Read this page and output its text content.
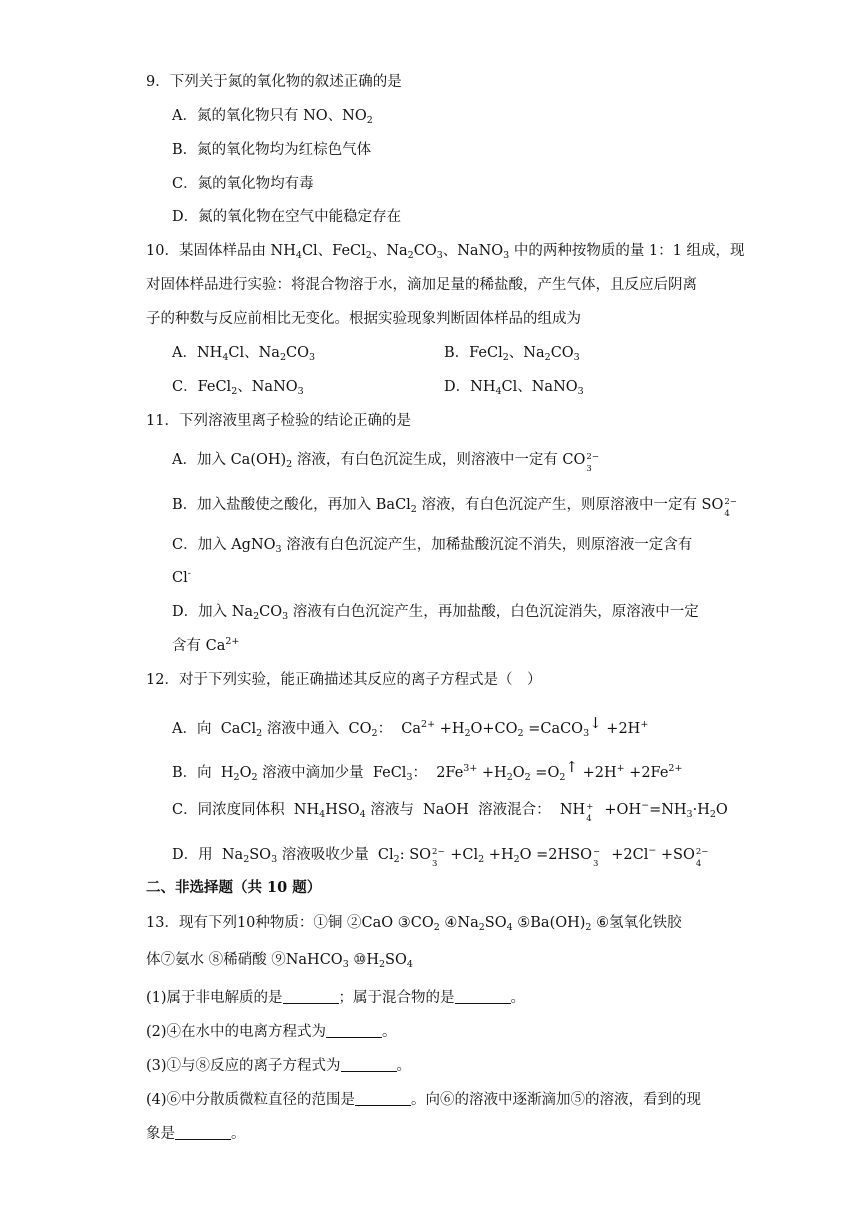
9．下列关于氮的氧化物的叙述正确的是
A．氮的氧化物只有 NO、$NO_2$
B．氮的氧化物均为红棕色气体
C．氮的氧化物均有毒
D．氮的氧化物在空气中能稳定存在
10．某固体样品由 $NH_4Cl$、FeCl$_2$、$Na_2CO_3$、NaNO$_3$ 中的两种按物质的量 1：1 组成，现
对固体样品进行实验：将混合物溶于水，滴加足量的稀盐酸，产生气体，且反应后阴离
子的种数与反应前相比无变化。根据实验现象判断固体样品的组成为
A．$NH_4Cl$、$Na_2CO_3$	B．FeCl$_2$、$Na_2CO_3$
C．FeCl$_2$、NaNO$_3$	D．$NH_4Cl$、NaNO$_3$
11．下列溶液里离子检验的结论正确的是
A．加入 $Ca(OH)_2$ 溶液，有白色沉淀生成，则溶液中一定有 CO 2−
3
B．加入盐酸使之酸化，再加入 BaCl$_2$ 溶液，有白色沉淀产生，则原溶液中一定有 SO 2−
4
C．加入 AgNO$_3$ 溶液有白色沉淀产生，加稀盐酸沉淀不消失，则原溶液一定含有
Cl-
D．加入 $Na_2CO_3$ 溶液有白色沉淀产生，再加盐酸，白色沉淀消失，原溶液中一定
含有 $Ca^{2+}$
12．对于下列实验，能正确描述其反应的离子方程式是（　）
A．向  CaCl$_2$ 溶液中通入  $CO_2$：  $Ca^{2+} +H_2O+CO_2$ =CaCO$_3$↓ +2H+
B．向  $H_2O_2$ 溶液中滴加少量  FeCl$_3$：  $2Fe^{3+} +H_2O_2$ $=O_2↑ +2H^+ +2Fe^{2+}$
C．同浓度同体积  $NH_4HSO_4$ 溶液与  NaOH  溶液混合：  NH +
4
$+OH^-=NH_3\cdot H_2O$
D．用  $Na_2SO_3$ 溶液吸收少量  $Cl_2$: SO 2−
3
$+Cl_2 +H_2O =2HSO$ −
3
+2Cl− +SO 2−
4
二、非选择题（共 10 题）
13．现有下列10种物质：①铜 ②CaO $③CO_2$ $④Na_2SO_4$ $⑤Ba(OH)_2$ ⑥氢氧化铁胶
体⑦氨水 ⑧稀硝酸 ⑨NaHCO$_3$ $⑩H_2SO_4$
(1)属于非电解质的是	；属于混合物的是	。
(2)④在水中的电离方程式为	。
(3)①与⑧反应的离子方程式为	。
(4)⑥中分散质微粒直径的范围是	。向⑥的溶液中逐渐滴加⑤的溶液，看到的现
象是	。
